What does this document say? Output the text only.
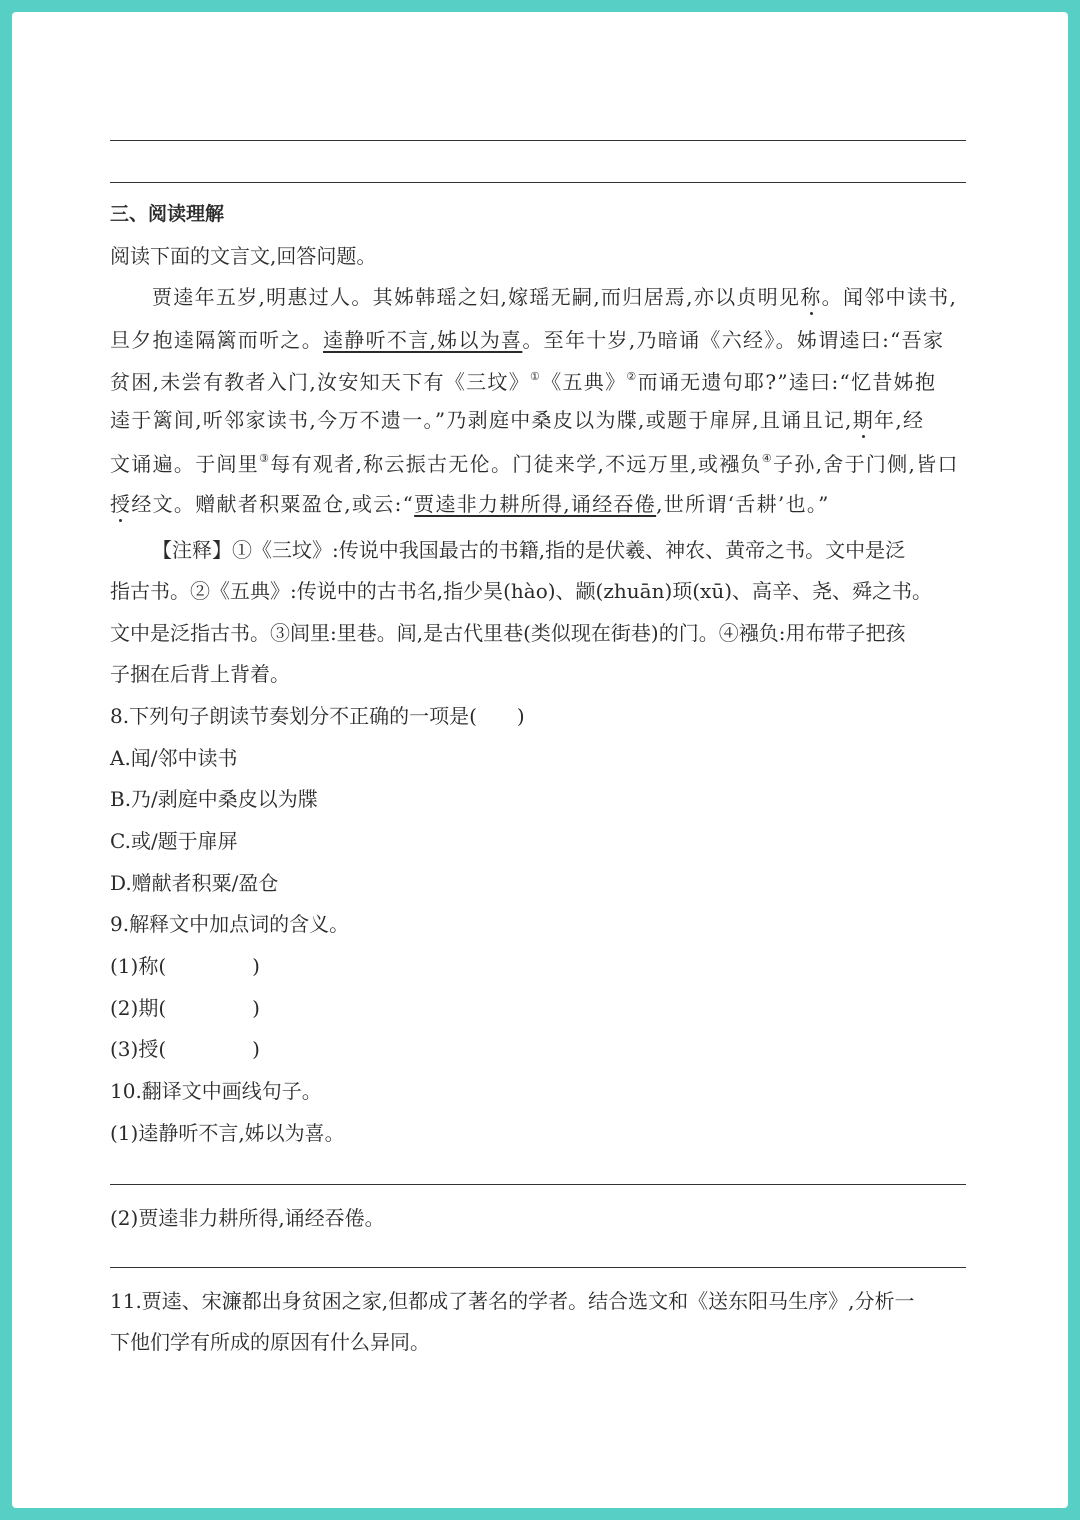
三、阅读理解
阅读下面的文言文,回答问题。
贾逵年五岁,明惠过人。其姊韩瑶之妇,嫁瑶无嗣,而归居焉,亦以贞明见称。闻邻中读书,
旦夕抱逵隔篱而听之。逵静听不言,姊以为喜。至年十岁,乃暗诵《六经》。姊谓逵曰:“吾家
贫困,未尝有教者入门,汝安知天下有《三坟》①《五典》②而诵无遗句耶?”逵曰:“忆昔姊抱
逵于篱间,听邻家读书,今万不遗一。”乃剥庭中桑皮以为牒,或题于扉屏,且诵且记,期年,经
文诵遍。于闾里③每有观者,称云振古无伦。门徒来学,不远万里,或襁负④子孙,舍于门侧,皆口
授经文。赠献者积粟盈仓,或云:“贾逵非力耕所得,诵经吞倦,世所谓‘舌耕’也。”
【注释】①《三坟》:传说中我国最古的书籍,指的是伏羲、神农、黄帝之书。文中是泛
指古书。②《五典》:传说中的古书名,指少昊(hào)、颛(zhuān)顼(xū)、高辛、尧、舜之书。
文中是泛指古书。③闾里:里巷。闾,是古代里巷(类似现在街巷)的门。④襁负:用布带子把孩
子捆在后背上背着。
8.下列句子朗读节奏划分不正确的一项是( )
A.闻/邻中读书
B.乃/剥庭中桑皮以为牒
C.或/题于扉屏
D.赠献者积粟/盈仓
9.解释文中加点词的含义。
(1)称(	)
(2)期(	)
(3)授(	)
10.翻译文中画线句子。
(1)逵静听不言,姊以为喜。
(2)贾逵非力耕所得,诵经吞倦。
11.贾逵、宋濂都出身贫困之家,但都成了著名的学者。结合选文和《送东阳马生序》,分析一
下他们学有所成的原因有什么异同。
